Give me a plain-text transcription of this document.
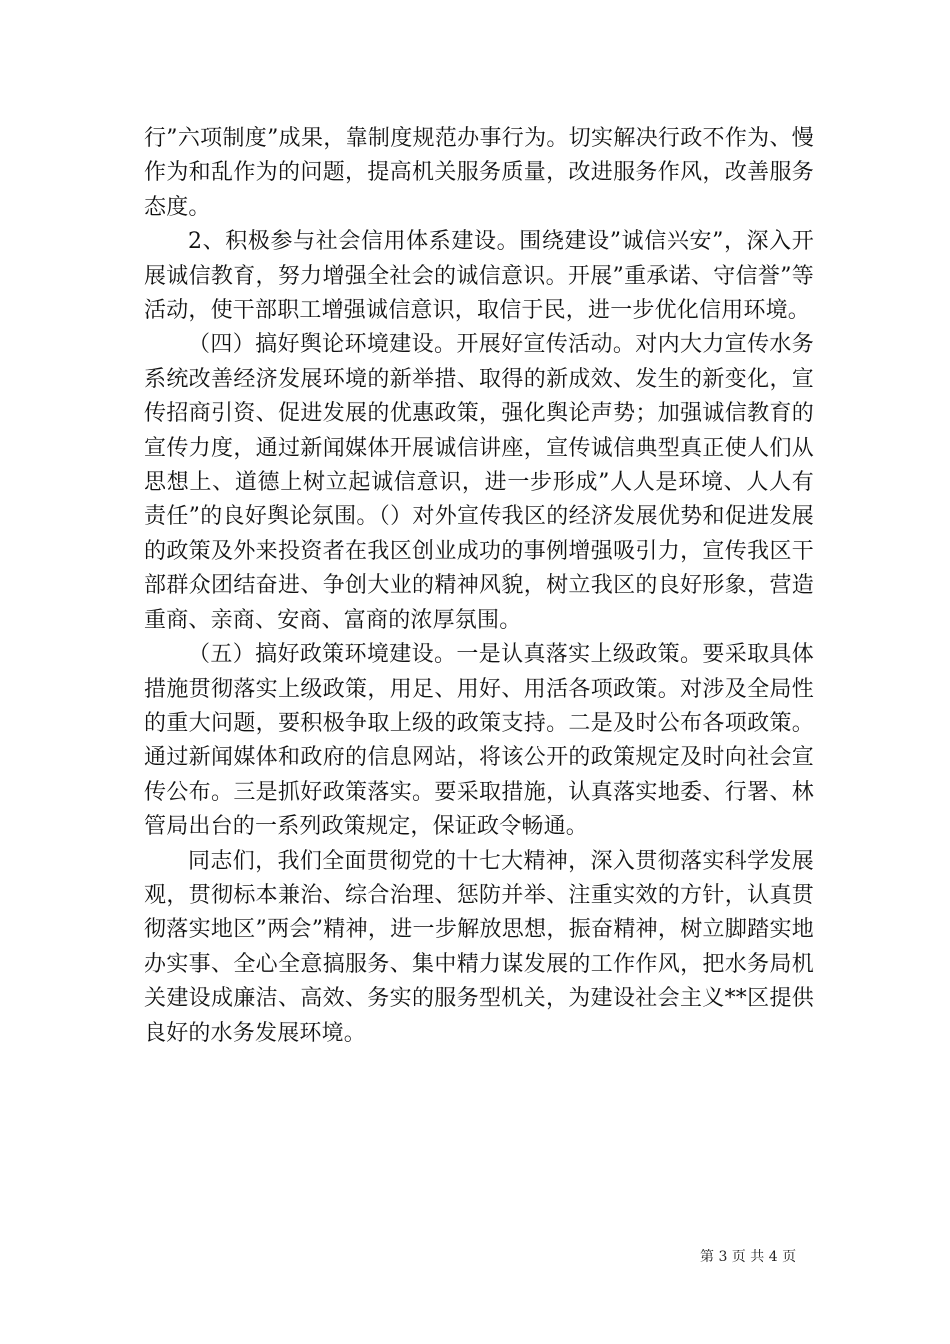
行”六项制度”成果，靠制度规范办事行为。切实解决行政不作为、慢作为和乱作为的问题，提高机关服务质量，改进服务作风，改善服务态度。

2、积极参与社会信用体系建设。围绕建设”诚信兴安”，深入开展诚信教育，努力增强全社会的诚信意识。开展”重承诺、守信誉”等活动，使干部职工增强诚信意识，取信于民，进一步优化信用环境。

（四）搞好舆论环境建设。开展好宣传活动。对内大力宣传水务系统改善经济发展环境的新举措、取得的新成效、发生的新变化，宣传招商引资、促进发展的优惠政策，强化舆论声势；加强诚信教育的宣传力度，通过新闻媒体开展诚信讲座，宣传诚信典型真正使人们从思想上、道德上树立起诚信意识，进一步形成”人人是环境、人人有责任”的良好舆论氛围。（）对外宣传我区的经济发展优势和促进发展的政策及外来投资者在我区创业成功的事例增强吸引力，宣传我区干部群众团结奋进、争创大业的精神风貌，树立我区的良好形象，营造重商、亲商、安商、富商的浓厚氛围。

（五）搞好政策环境建设。一是认真落实上级政策。要采取具体措施贯彻落实上级政策，用足、用好、用活各项政策。对涉及全局性的重大问题，要积极争取上级的政策支持。二是及时公布各项政策。通过新闻媒体和政府的信息网站，将该公开的政策规定及时向社会宣传公布。三是抓好政策落实。要采取措施，认真落实地委、行署、林管局出台的一系列政策规定，保证政令畅通。

同志们，我们全面贯彻党的十七大精神，深入贯彻落实科学发展观，贯彻标本兼治、综合治理、惩防并举、注重实效的方针，认真贯彻落实地区”两会”精神，进一步解放思想，振奋精神，树立脚踏实地办实事、全心全意搞服务、集中精力谋发展的工作作风，把水务局机关建设成廉洁、高效、务实的服务型机关，为建设社会主义**区提供良好的水务发展环境。

第 3 页 共 4 页
